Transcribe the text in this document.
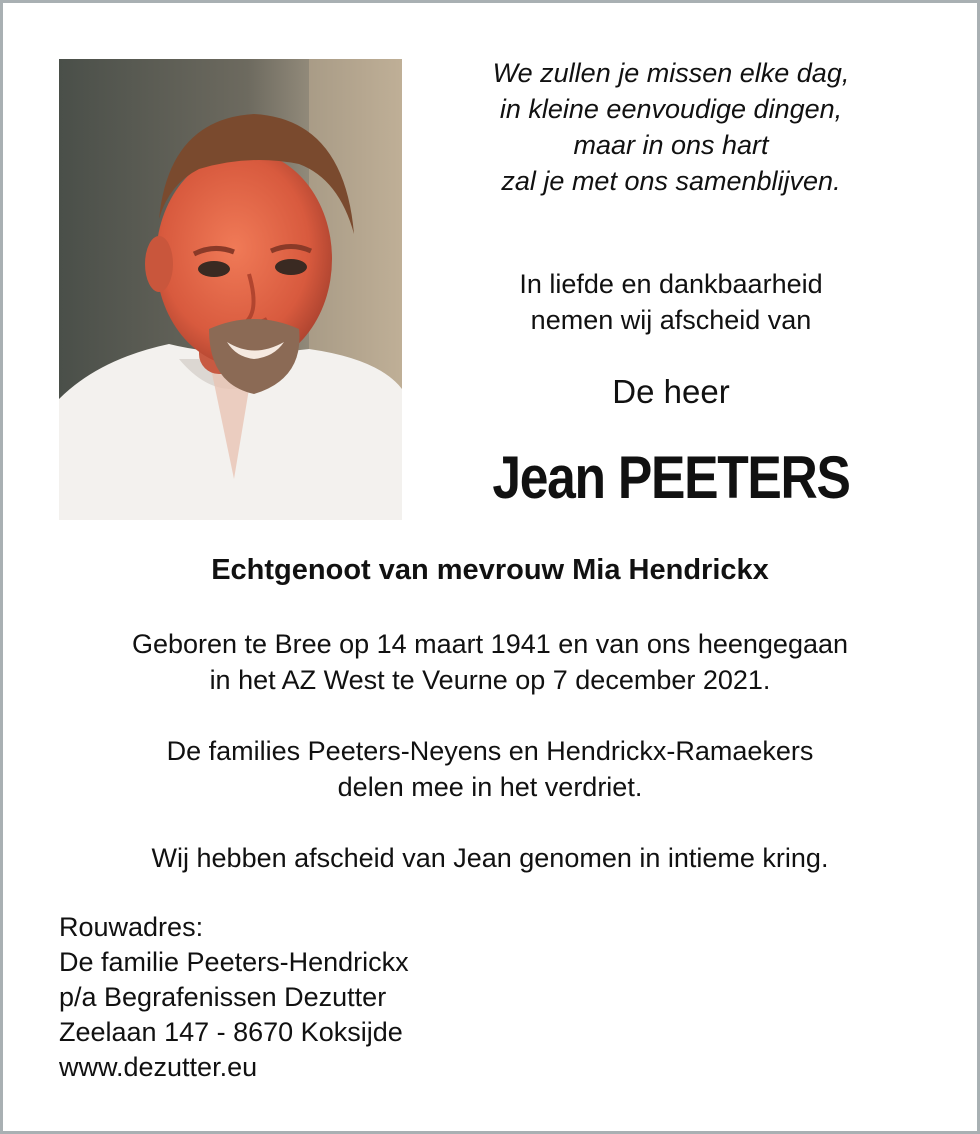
We zullen je missen elke dag,
in kleine eenvoudige dingen,
maar in ons hart
zal je met ons samenblijven.
In liefde en dankbaarheid
nemen wij afscheid van
De heer
Jean PEETERS
Echtgenoot van mevrouw Mia Hendrickx
Geboren te Bree op 14 maart 1941 en van ons heengegaan
in het AZ West te Veurne op 7 december 2021.
De families Peeters-Neyens en Hendrickx-Ramaekers
delen mee in het verdriet.
Wij hebben afscheid van Jean genomen in intieme kring.
Rouwadres:
De familie Peeters-Hendrickx
p/a Begrafenissen Dezutter
Zeelaan 147 - 8670 Koksijde
www.dezutter.eu
